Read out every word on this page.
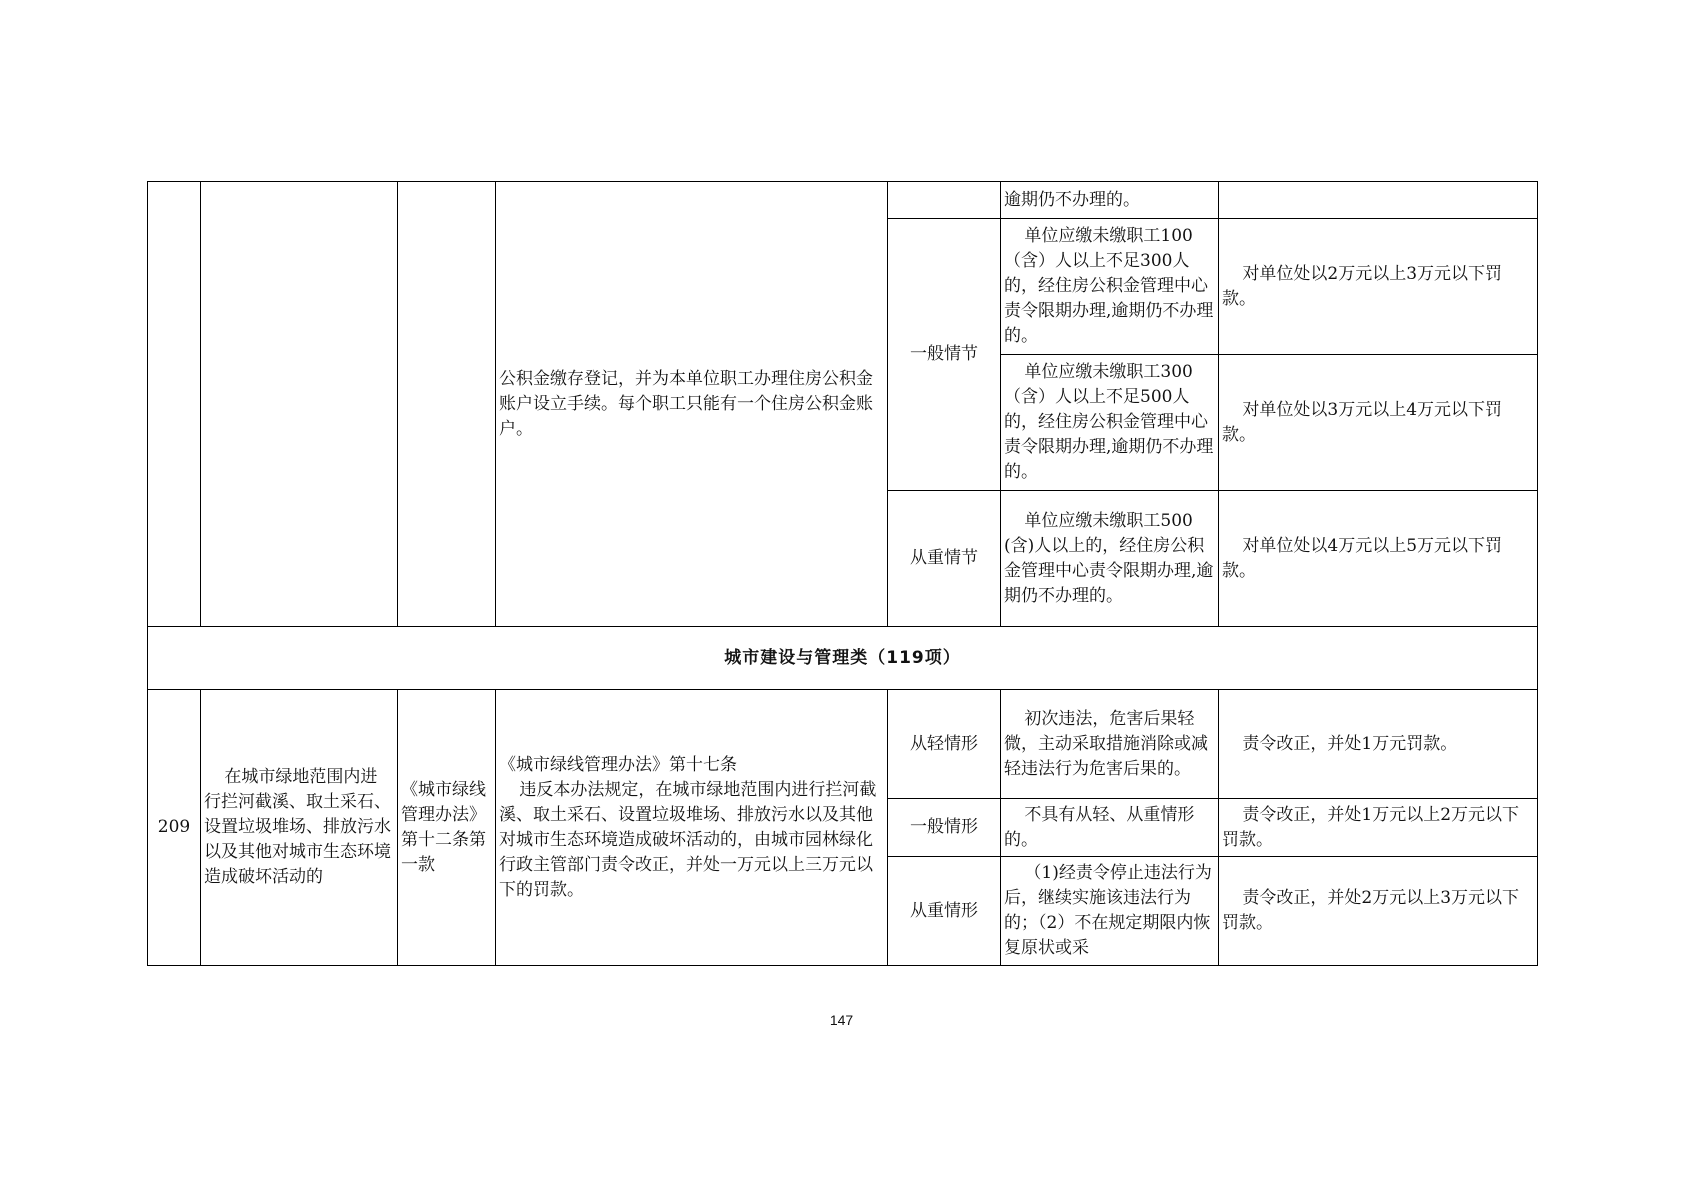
			公积金缴存登记，并为本单位职工办理住房公积金账户设立手续。每个职工只能有一个住房公积金账户。		逾期仍不办理的。	
				一般情节	单位应缴未缴职工100（含）人以上不足300人的，经住房公积金管理中心责令限期办理,逾期仍不办理的。	对单位处以2万元以上3万元以下罚款。
					单位应缴未缴职工300（含）人以上不足500人的，经住房公积金管理中心责令限期办理,逾期仍不办理的。	对单位处以3万元以上4万元以下罚款。
				从重情节	单位应缴未缴职工500(含)人以上的，经住房公积金管理中心责令限期办理,逾期仍不办理的。	对单位处以4万元以上5万元以下罚款。
城市建设与管理类（119项）						
209	在城市绿地范围内进行拦河截溪、取土采石、设置垃圾堆场、排放污水以及其他对城市生态环境造成破坏活动的	《城市绿线管理办法》第十二条第一款	《城市绿线管理办法》第十七条
违反本办法规定，在城市绿地范围内进行拦河截溪、取土采石、设置垃圾堆场、排放污水以及其他对城市生态环境造成破坏活动的，由城市园林绿化行政主管部门责令改正，并处一万元以上三万元以下的罚款。	从轻情形	初次违法，危害后果轻微，主动采取措施消除或减轻违法行为危害后果的。	责令改正，并处1万元罚款。
				一般情形	不具有从轻、从重情形的。	责令改正，并处1万元以上2万元以下罚款。
				从重情形	（1)经责令停止违法行为后，继续实施该违法行为的；（2）不在规定期限内恢复原状或采	责令改正，并处2万元以上3万元以下罚款。
147
